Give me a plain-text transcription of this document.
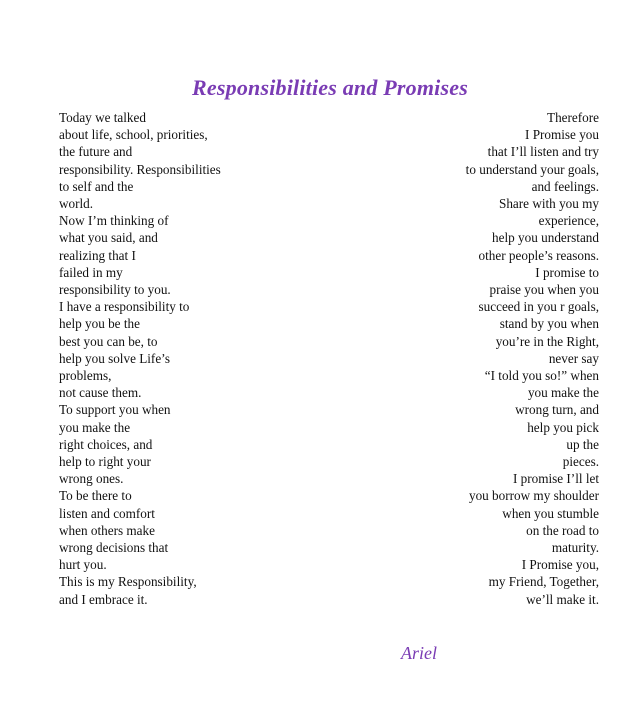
Responsibilities and Promises
Today we talked
about life, school, priorities,
the future and
responsibility. Responsibilities
to self and the
world.
Now I’m thinking of
what you said, and
realizing that I
failed in my
responsibility to you.
I have a responsibility to
help you be the
best you can be, to
help you solve Life’s
problems,
not cause them.
To support you when
you make the
right choices, and
help to right your
wrong ones.
To be there to
listen and comfort
when others make
wrong decisions that
hurt you.
This is my Responsibility,
and I embrace it.
Therefore
I Promise you
that I’ll listen and try
to understand your goals,
and feelings.
Share with you my
experience,
help you understand
other people’s reasons.
I promise to
praise you when you
succeed in you r goals,
stand by you when
you’re in the Right,
never say
“I told you so!” when
you make the
wrong turn, and
help you pick
up the
pieces.
I promise I’ll let
you borrow my shoulder
when you stumble
on the road to
maturity.
I Promise you,
my Friend, Together,
we’ll make it.
Ariel
